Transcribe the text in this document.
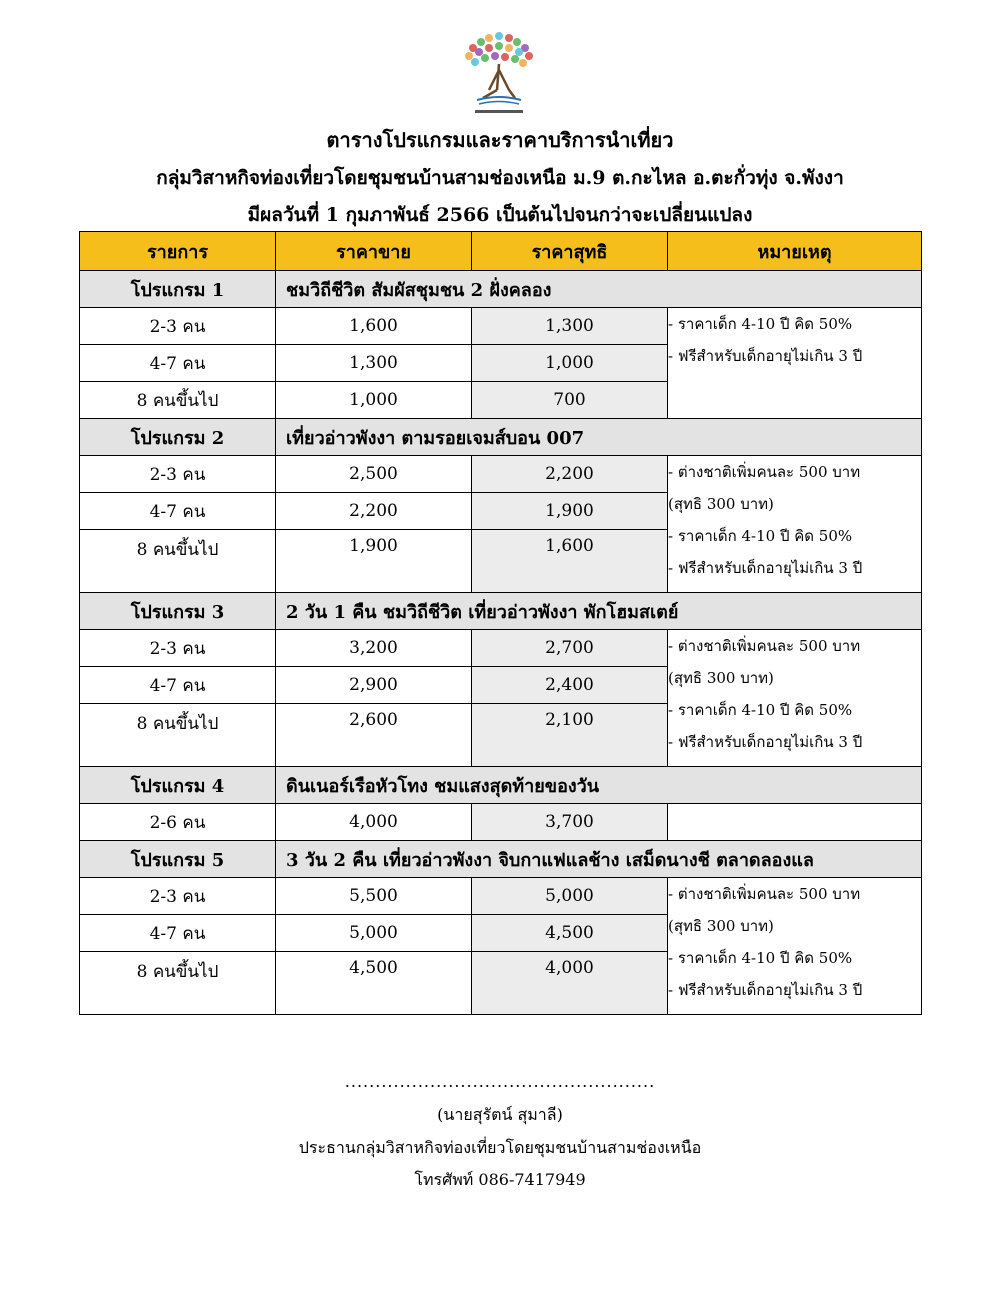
ตารางโปรแกรมและราคาบริการนำเที่ยว
กลุ่มวิสาหกิจท่องเที่ยวโดยชุมชนบ้านสามช่องเหนือ ม.9 ต.กะไหล อ.ตะกั่วทุ่ง จ.พังงา
มีผลวันที่ 1 กุมภาพันธ์ 2566 เป็นต้นไปจนกว่าจะเปลี่ยนแปลง
รายการ	ราคาขาย	ราคาสุทธิ	หมายเหตุ
โปรแกรม 1	ชมวิถีชีวิต สัมผัสชุมชน 2 ฝั่งคลอง		
2-3 คน	1,600	1,300	- ราคาเด็ก 4-10 ปี คิด 50%
- ฟรีสำหรับเด็กอายุไม่เกิน 3 ปี

4-7 คน	1,300	1,000	
8 คนขึ้นไป	1,000	700	
โปรแกรม 2	เที่ยวอ่าวพังงา ตามรอยเจมส์บอน 007		
2-3 คน	2,500	2,200	- ต่างชาติเพิ่มคนละ 500 บาท
(สุทธิ 300 บาท)
- ราคาเด็ก 4-10 ปี คิด 50%
- ฟรีสำหรับเด็กอายุไม่เกิน 3 ปี

4-7 คน	2,200	1,900	
8 คนขึ้นไป	1,900	1,600	
โปรแกรม 3	2 วัน 1 คืน ชมวิถีชีวิต เที่ยวอ่าวพังงา พักโฮมสเตย์		
2-3 คน	3,200	2,700	- ต่างชาติเพิ่มคนละ 500 บาท
(สุทธิ 300 บาท)
- ราคาเด็ก 4-10 ปี คิด 50%
- ฟรีสำหรับเด็กอายุไม่เกิน 3 ปี

4-7 คน	2,900	2,400	
8 คนขึ้นไป	2,600	2,100	
โปรแกรม 4	ดินเนอร์เรือหัวโทง ชมแสงสุดท้ายของวัน		
2-6 คน	4,000	3,700	
โปรแกรม 5	3 วัน 2 คืน เที่ยวอ่าวพังงา จิบกาแฟแลช้าง เสม็ดนางชี ตลาดลองแล		
2-3 คน	5,500	5,000	- ต่างชาติเพิ่มคนละ 500 บาท
(สุทธิ 300 บาท)
- ราคาเด็ก 4-10 ปี คิด 50%
- ฟรีสำหรับเด็กอายุไม่เกิน 3 ปี

4-7 คน	5,000	4,500	
8 คนขึ้นไป	4,500	4,000	
...................................................
(นายสุรัตน์ สุมาลี)
ประธานกลุ่มวิสาหกิจท่องเที่ยวโดยชุมชนบ้านสามช่องเหนือ
โทรศัพท์ 086-7417949
